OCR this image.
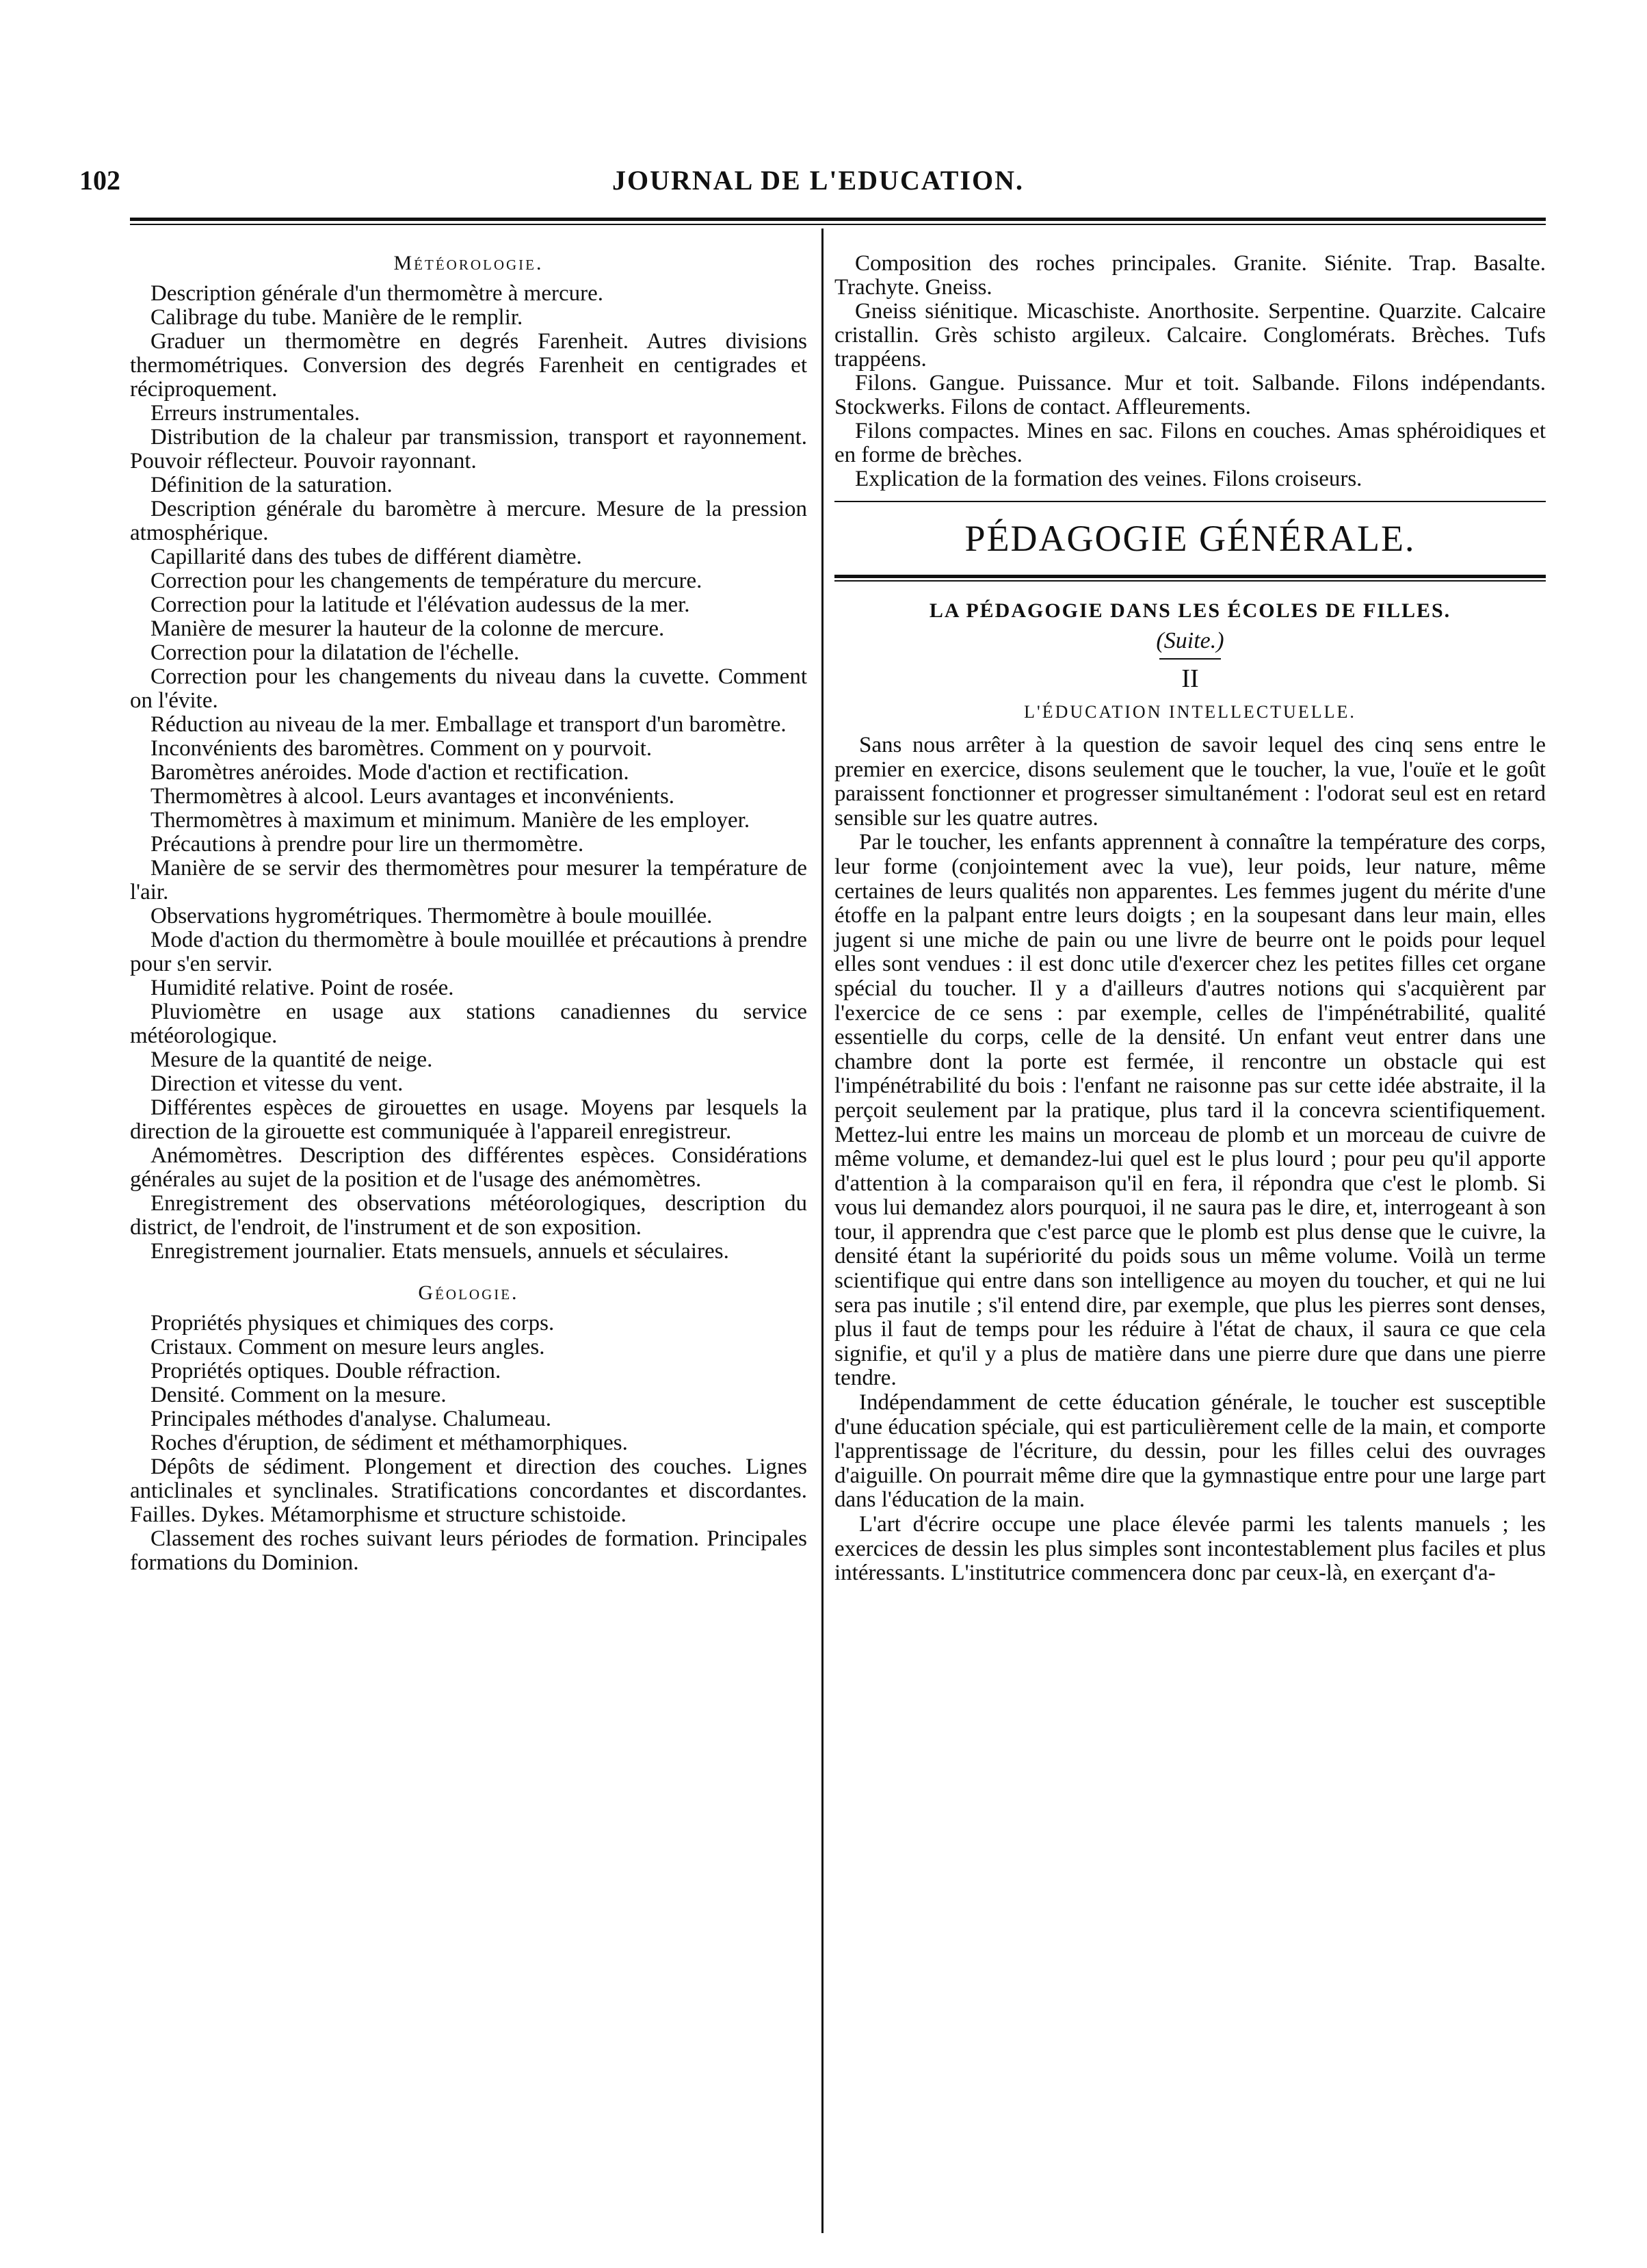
102	JOURNAL DE L'EDUCATION.
Météorologie.

Description générale d'un thermomètre à mercure.

Calibrage du tube. Manière de le remplir.

Graduer un thermomètre en degrés Farenheit. Autres divisions thermométriques. Conversion des degrés Farenheit en centigrades et réciproquement.

Erreurs instrumentales.

Distribution de la chaleur par transmission, transport et rayonnement. Pouvoir réflecteur. Pouvoir rayonnant.

Définition de la saturation.

Description générale du baromètre à mercure. Mesure de la pression atmosphérique.

Capillarité dans des tubes de différent diamètre.

Correction pour les changements de température du mercure.

Correction pour la latitude et l'élévation audessus de la mer.

Manière de mesurer la hauteur de la colonne de mercure.

Correction pour la dilatation de l'échelle.

Correction pour les changements du niveau dans la cuvette. Comment on l'évite.

Réduction au niveau de la mer. Emballage et transport d'un baromètre.

Inconvénients des baromètres. Comment on y pourvoit.

Baromètres anéroides. Mode d'action et rectification.

Thermomètres à alcool. Leurs avantages et inconvénients.

Thermomètres à maximum et minimum. Manière de les employer.

Précautions à prendre pour lire un thermomètre.

Manière de se servir des thermomètres pour mesurer la température de l'air.

Observations hygrométriques. Thermomètre à boule mouillée.

Mode d'action du thermomètre à boule mouillée et précautions à prendre pour s'en servir.

Humidité relative. Point de rosée.

Pluviomètre en usage aux stations canadiennes du service météorologique.

Mesure de la quantité de neige.

Direction et vitesse du vent.

Différentes espèces de girouettes en usage. Moyens par lesquels la direction de la girouette est communiquée à l'appareil enregistreur.

Anémomètres. Description des différentes espèces. Considérations générales au sujet de la position et de l'usage des anémomètres.

Enregistrement des observations météorologiques, description du district, de l'endroit, de l'instrument et de son exposition.

Enregistrement journalier. Etats mensuels, annuels et séculaires.

Géologie.

Propriétés physiques et chimiques des corps.

Cristaux. Comment on mesure leurs angles.

Propriétés optiques. Double réfraction.

Densité. Comment on la mesure.

Principales méthodes d'analyse. Chalumeau.

Roches d'éruption, de sédiment et méthamorphiques.

Dépôts de sédiment. Plongement et direction des couches. Lignes anticlinales et synclinales. Stratifications concordantes et discordantes. Failles. Dykes. Métamorphisme et structure schistoide.

Classement des roches suivant leurs périodes de formation. Principales formations du Dominion.

Composition des roches principales. Granite. Siénite. Trap. Basalte. Trachyte. Gneiss.

Gneiss siénitique. Micaschiste. Anorthosite. Serpentine. Quarzite. Calcaire cristallin. Grès schisto argileux. Calcaire. Conglomérats. Brèches. Tufs trappéens.

Filons. Gangue. Puissance. Mur et toit. Salbande. Filons indépendants. Stockwerks. Filons de contact. Affleurements.

Filons compactes. Mines en sac. Filons en couches. Amas sphéroidiques et en forme de brèches.

Explication de la formation des veines. Filons croiseurs.

PÉDAGOGIE GÉNÉRALE.
LA PÉDAGOGIE DANS LES ÉCOLES DE FILLES.
(Suite.)
II
L'ÉDUCATION INTELLECTUELLE.

Sans nous arrêter à la question de savoir lequel des cinq sens entre le premier en exercice, disons seulement que le toucher, la vue, l'ouïe et le goût paraissent fonctionner et progresser simultanément : l'odorat seul est en retard sensible sur les quatre autres.

Par le toucher, les enfants apprennent à connaître la température des corps, leur forme (conjointement avec la vue), leur poids, leur nature, même certaines de leurs qualités non apparentes. Les femmes jugent du mérite d'une étoffe en la palpant entre leurs doigts ; en la soupesant dans leur main, elles jugent si une miche de pain ou une livre de beurre ont le poids pour lequel elles sont vendues : il est donc utile d'exercer chez les petites filles cet organe spécial du toucher. Il y a d'ailleurs d'autres notions qui s'acquièrent par l'exercice de ce sens : par exemple, celles de l'impénétrabilité, qualité essentielle du corps, celle de la densité. Un enfant veut entrer dans une chambre dont la porte est fermée, il rencontre un obstacle qui est l'impénétrabilité du bois : l'enfant ne raisonne pas sur cette idée abstraite, il la perçoit seulement par la pratique, plus tard il la concevra scientifiquement. Mettez-lui entre les mains un morceau de plomb et un morceau de cuivre de même volume, et demandez-lui quel est le plus lourd ; pour peu qu'il apporte d'attention à la comparaison qu'il en fera, il répondra que c'est le plomb. Si vous lui demandez alors pourquoi, il ne saura pas le dire, et, interrogeant à son tour, il apprendra que c'est parce que le plomb est plus dense que le cuivre, la densité étant la supériorité du poids sous un même volume. Voilà un terme scientifique qui entre dans son intelligence au moyen du toucher, et qui ne lui sera pas inutile ; s'il entend dire, par exemple, que plus les pierres sont denses, plus il faut de temps pour les réduire à l'état de chaux, il saura ce que cela signifie, et qu'il y a plus de matière dans une pierre dure que dans une pierre tendre.

Indépendamment de cette éducation générale, le toucher est susceptible d'une éducation spéciale, qui est particulièrement celle de la main, et comporte l'apprentissage de l'écriture, du dessin, pour les filles celui des ouvrages d'aiguille. On pourrait même dire que la gymnastique entre pour une large part dans l'éducation de la main.

L'art d'écrire occupe une place élevée parmi les talents manuels ; les exercices de dessin les plus simples sont incontestablement plus faciles et plus intéressants. L'institutrice commencera donc par ceux-là, en exerçant d'a-
